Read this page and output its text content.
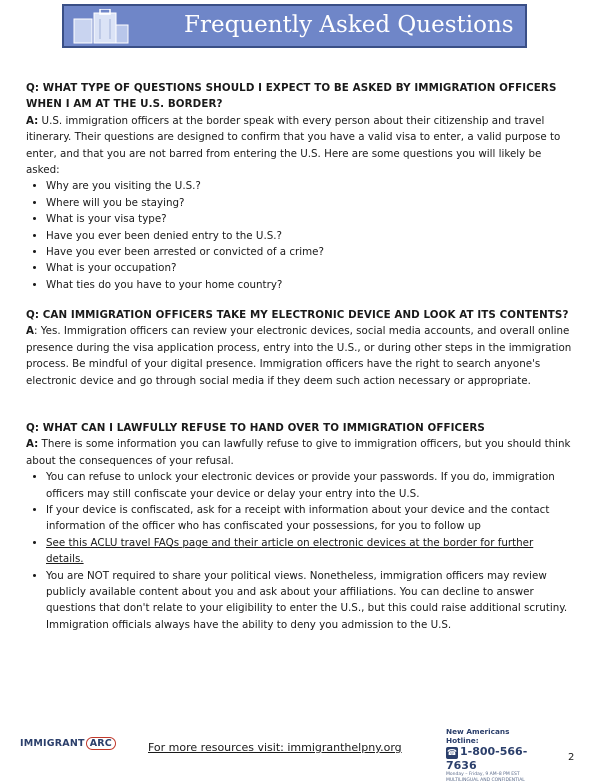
Frequently Asked Questions
Q: WHAT TYPE OF QUESTIONS SHOULD I EXPECT TO BE ASKED BY IMMIGRATION OFFICERS WHEN I AM AT THE U.S. BORDER?

A: U.S. immigration officers at the border speak with every person about their citizenship and travel itinerary. Their questions are designed to confirm that you have a valid visa to enter, a valid purpose to enter, and that you are not barred from entering the U.S. Here are some questions you will likely be asked:

• Why are you visiting the U.S.?
• Where will you be staying?
• What is your visa type?
• Have you ever been denied entry to the U.S.?
• Have you ever been arrested or convicted of a crime?
• What is your occupation?
• What ties do you have to your home country?
Q: CAN IMMIGRATION OFFICERS TAKE MY ELECTRONIC DEVICE AND LOOK AT ITS CONTENTS?

A: Yes. Immigration officers can review your electronic devices, social media accounts, and overall online presence during the visa application process, entry into the U.S., or during other steps in the immigration process. Be mindful of your digital presence. Immigration officers have the right to search anyone's electronic device and go through social media if they deem such action necessary or appropriate.

Q: WHAT CAN I LAWFULLY REFUSE TO HAND OVER TO IMMIGRATION OFFICERS

A: There is some information you can lawfully refuse to give to immigration officers, but you should think about the consequences of your refusal.

• You can refuse to unlock your electronic devices or provide your passwords. If you do, immigration officers may still confiscate your device or delay your entry into the U.S.
• If your device is confiscated, ask for a receipt with information about your device and the contact information of the officer who has confiscated your possessions, for you to follow up
• See this ACLU travel FAQs page and their article on electronic devices at the border for further details.
• You are NOT required to share your political views. Nonetheless, immigration officers may review publicly available content about you and ask about your affiliations. You can decline to answer questions that don't relate to your eligibility to enter the U.S., but this could raise additional scrutiny. Immigration officials always have the ability to deny you admission to the U.S.
IMMIGRANT ARC	For more resources visit: immigranthelpny.org
New Americans Hotline:
☎ 1-800-566-7636
Monday – Friday, 9 AM–8 PM EST
MULTILINGUAL AND CONFIDENTIAL
2
